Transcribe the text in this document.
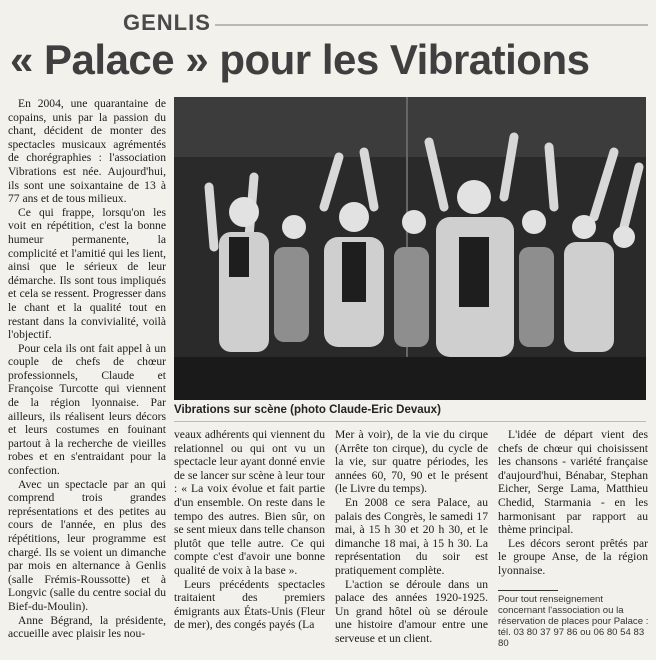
GENLIS
« Palace » pour les Vibrations

En 2004, une quarantaine de copains, unis par la passion du chant, décident de monter des spectacles musicaux agrémentés de chorégraphies : l'association Vibrations est née. Aujourd'hui, ils sont une soixantaine de 13 à 77 ans et de tous milieux.

Ce qui frappe, lorsqu'on les voit en répétition, c'est la bonne humeur permanente, la complicité et l'amitié qui les lient, ainsi que le sérieux de leur démarche. Ils sont tous impliqués et cela se ressent. Progresser dans le chant et la qualité tout en restant dans la convivialité, voilà l'objectif.

Pour cela ils ont fait appel à un couple de chefs de chœur professionnels, Claude et Françoise Turcotte qui viennent de la région lyonnaise. Par ailleurs, ils réalisent leurs décors et leurs costumes en fouinant partout à la recherche de vieilles robes et en s'entraidant pour la confection.

Avec un spectacle par an qui comprend trois grandes représentations et des petites au cours de l'année, en plus des répétitions, leur programme est chargé. Ils se voient un dimanche par mois en alternance à Genlis (salle Frémis-Roussotte) et à Longvic (salle du centre social du Bief-du-Moulin).

Anne Bégrand, la présidente, accueille avec plaisir les nou-

Vibrations sur scène (photo Claude-Eric Devaux)

veaux adhérents qui viennent du relationnel ou qui ont vu un spectacle leur ayant donné envie de se lancer sur scène à leur tour : « La voix évolue et fait partie d'un ensemble. On reste dans le tempo des autres. Bien sûr, on se sent mieux dans telle chanson plutôt que telle autre. Ce qui compte c'est d'avoir une bonne qualité de voix à la base ».

Leurs précédents spectacles traitaient des premiers émigrants aux États-Unis (Fleur de mer), des congés payés (La

Mer à voir), de la vie du cirque (Arrête ton cirque), du cycle de la vie, sur quatre périodes, les années 60, 70, 90 et le présent (le Livre du temps).

En 2008 ce sera Palace, au palais des Congrès, le samedi 17 mai, à 15 h 30 et 20 h 30, et le dimanche 18 mai, à 15 h 30. La représentation du soir est pratiquement complète.

L'action se déroule dans un palace des années 1920-1925. Un grand hôtel où se déroule une histoire d'amour entre une serveuse et un client.

L'idée de départ vient des chefs de chœur qui choisissent les chansons - variété française d'aujourd'hui, Bénabar, Stephan Eicher, Serge Lama, Matthieu Chedid, Starmania - en les harmonisant par rapport au thème principal.

Les décors seront prêtés par le groupe Anse, de la région lyonnaise.

Pour tout renseignement concernant l'association ou la réservation de places pour Palace : tél. 03 80 37 97 86 ou 06 80 54 83 80
